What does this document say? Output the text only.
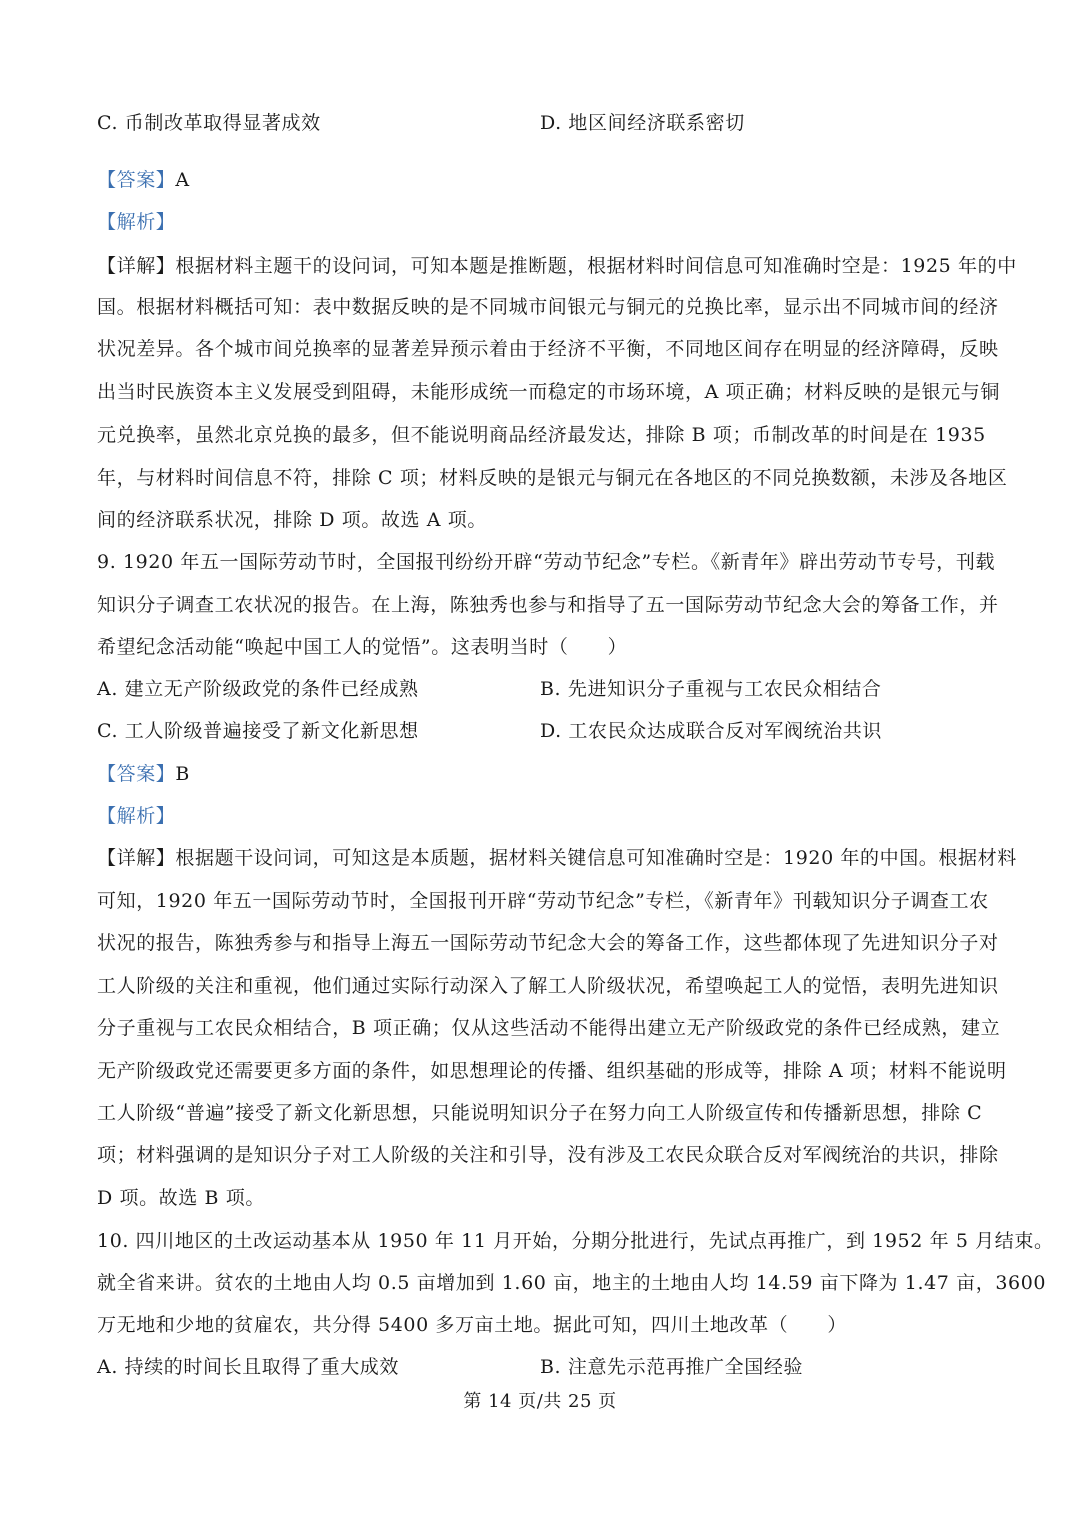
C. 币制改革取得显著成效	D. 地区间经济联系密切
【答案】A
【解析】
【详解】根据材料主题干的设问词，可知本题是推断题，根据材料时间信息可知准确时空是：1925 年的中
国。根据材料概括可知：表中数据反映的是不同城市间银元与铜元的兑换比率，显示出不同城市间的经济
状况差异。各个城市间兑换率的显著差异预示着由于经济不平衡，不同地区间存在明显的经济障碍，反映
出当时民族资本主义发展受到阻碍，未能形成统一而稳定的市场环境，A 项正确；材料反映的是银元与铜
元兑换率，虽然北京兑换的最多，但不能说明商品经济最发达，排除 B 项；币制改革的时间是在 1935
年，与材料时间信息不符，排除 C 项；材料反映的是银元与铜元在各地区的不同兑换数额，未涉及各地区
间的经济联系状况，排除 D 项。故选 A 项。
9. 1920 年五一国际劳动节时，全国报刊纷纷开辟“劳动节纪念”专栏。《新青年》辟出劳动节专号，刊载
知识分子调查工农状况的报告。在上海，陈独秀也参与和指导了五一国际劳动节纪念大会的筹备工作，并
希望纪念活动能“唤起中国工人的觉悟”。这表明当时（　　）
A. 建立无产阶级政党的条件已经成熟	B. 先进知识分子重视与工农民众相结合
C. 工人阶级普遍接受了新文化新思想	D. 工农民众达成联合反对军阀统治共识
【答案】B
【解析】
【详解】根据题干设问词，可知这是本质题，据材料关键信息可知准确时空是：1920 年的中国。根据材料
可知，1920 年五一国际劳动节时，全国报刊开辟“劳动节纪念”专栏，《新青年》刊载知识分子调查工农
状况的报告，陈独秀参与和指导上海五一国际劳动节纪念大会的筹备工作，这些都体现了先进知识分子对
工人阶级的关注和重视，他们通过实际行动深入了解工人阶级状况，希望唤起工人的觉悟，表明先进知识
分子重视与工农民众相结合，B 项正确；仅从这些活动不能得出建立无产阶级政党的条件已经成熟，建立
无产阶级政党还需要更多方面的条件，如思想理论的传播、组织基础的形成等，排除 A 项；材料不能说明
工人阶级“普遍”接受了新文化新思想，只能说明知识分子在努力向工人阶级宣传和传播新思想，排除 C
项；材料强调的是知识分子对工人阶级的关注和引导，没有涉及工农民众联合反对军阀统治的共识，排除
D 项。故选 B 项。
10. 四川地区的土改运动基本从 1950 年 11 月开始，分期分批进行，先试点再推广，到 1952 年 5 月结束。
就全省来讲。贫农的土地由人均 0.5 亩增加到 1.60 亩，地主的土地由人均 14.59 亩下降为 1.47 亩，3600
万无地和少地的贫雇农，共分得 5400 多万亩土地。据此可知，四川土地改革（　　）
A. 持续的时间长且取得了重大成效	B. 注意先示范再推广全国经验
第 14 页/共 25 页
